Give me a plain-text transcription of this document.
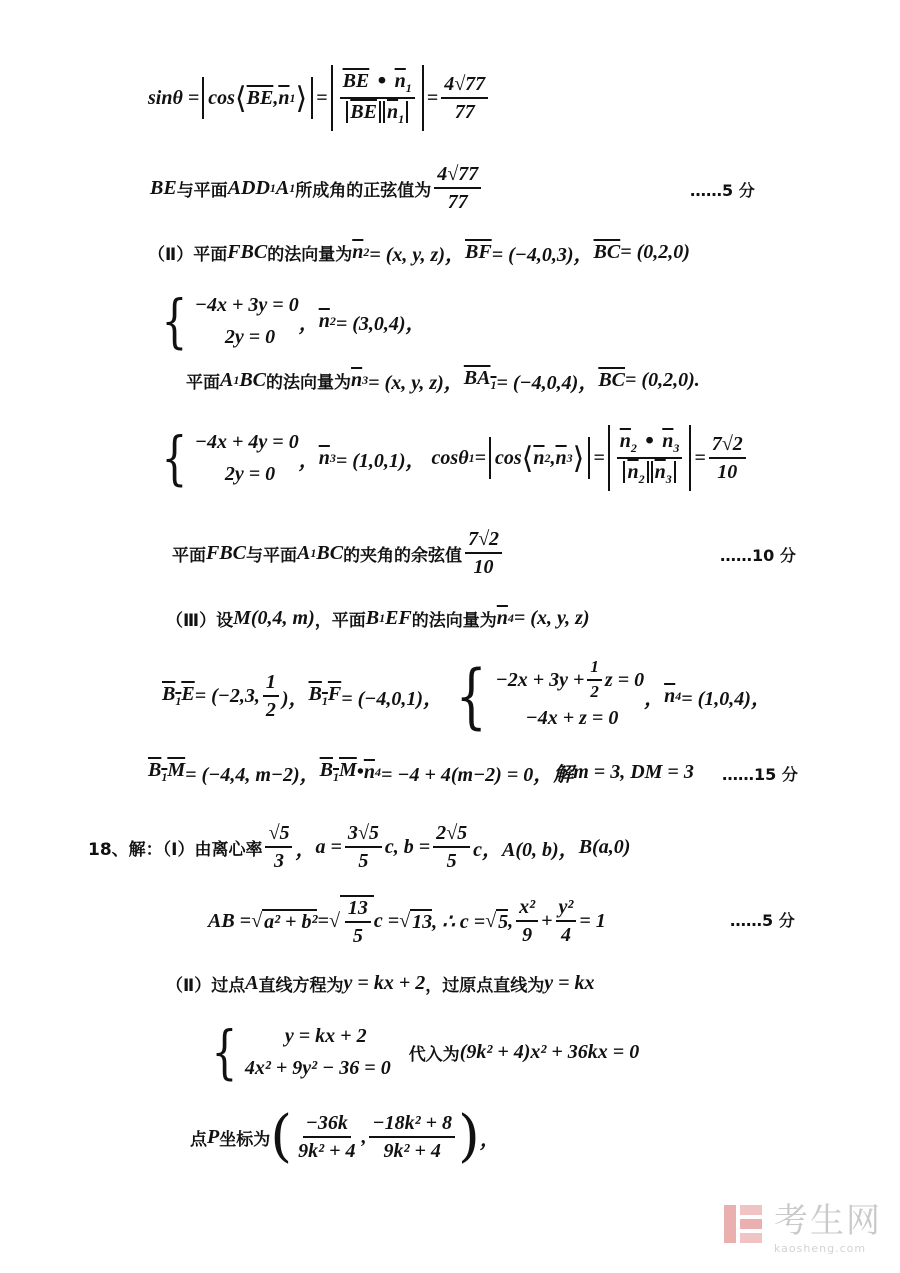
sinθ = cos ⟨ $\overline{BE}$ , $\overline{n}$ 1 ⟩ = $\frac{\overline{BE} • \overline{n}_1}{\overline{BE} \overline{n}_1} = \frac{4√77}{77}$
BE 与平面 ADD 1 A 1 所成角的正弦值为 $\frac{4√77}{77}$	……5 分
（Ⅱ）平面 FBC 的法向量为 $\overline{n}$ 2 = (x, y, z)， $\overline{BF} = (-4,0,3)$， $\overline{BC} = (0,2,0)$
{ −4x + 3y = 0
2y = 0
， $\overline{n}$ 2 = (3,0,4)，
平面 A 1 BC 的法向量为 $\overline{n}$ 3 = (x, y, z)， $BA_1 = (-4,0,4)$， $\overline{BC} = (0,2,0)$.
{ −4x + 4y = 0
2y = 0
， $\overline{n}$ 3 = (1,0,1)， cosθ 1 = cos ⟨ $\overline{n}$ 2 , $\overline{n}$ 3 ⟩ = $\frac{\overline{n}_2 • \overline{n}_3}{\overline{n}_2 \overline{n}_3} = \frac{7√2}{10}$
平面 FBC 与平面 A 1 BC 的夹角的余弦值 $\frac{7√2}{10}$	……10 分
（Ⅲ）设 M(0,4, m) ，平面 B 1 EF 的法向量为 $\overline{n}$ 4 = (x, y, z)
$B_1E = (-2,3$, $\frac{1}{2}$ )， $B_1F = (-4,0,1)$， { $-2x + 3y + \frac{1}{2}$ z = 0
−4x + z = 0
， $\overline{n}$ 4 = (1,0,4)，
$B_1M = (-4,4$, m−2)， $B_1M$ • $\overline{n}$ 4 = −4 + 4(m−2) = 0，解 m = 3, DM = 3 ……15 分
18、解：（Ⅰ）由离心率 $\frac{√5}{3}$ ， $a = \frac{3√5}{5} c$, $b = \frac{2√5}{5}$ c， A(0, b)， B(a,0)
AB = √ a² + b² = √ $\frac{13}{5}$ c = √ 13 , ∴ c = √ 5 , $\frac{\text{x²}}{9} + \frac{\text{y²}}{4} = 1$	……5 分
（Ⅱ）过点 A 直线方程为 y = kx + 2 ，过原点直线为 y = kx
{	y = kx + 2
4x² + 9y² − 36 = 0
代入为 (9k² + 4)x² + 36kx = 0
点 P 坐标为 ( $\frac{-36k}{\text{9k² + 4}}$ , $\frac{\text{−18k² + 8}}{\text{9k² + 4}}$ ) ，
考生网
kaosheng.com
